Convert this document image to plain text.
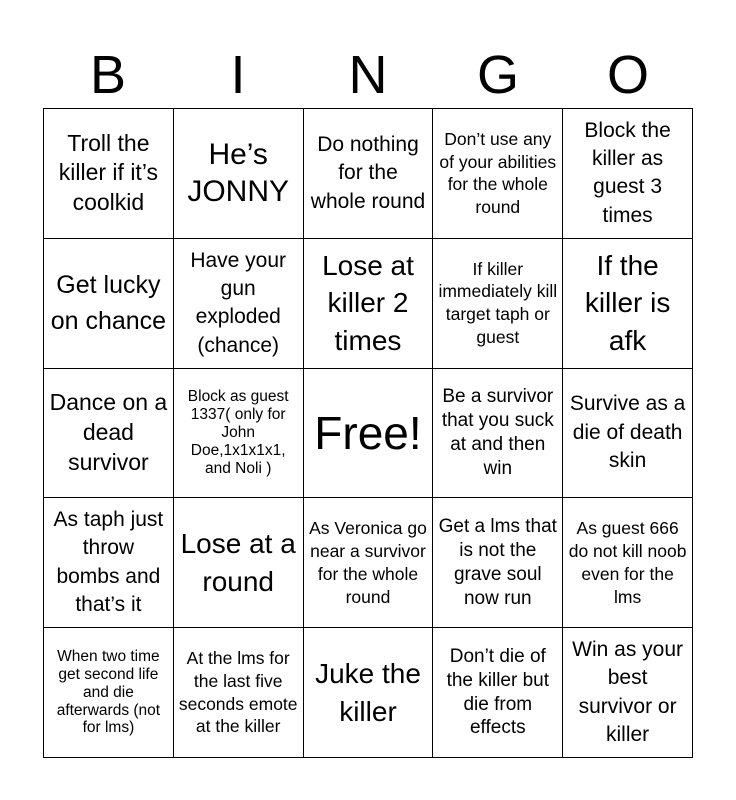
B	I	N	G	O
Troll the killer if it’s coolkid
He’s JONNY
Do nothing for the whole round
Don’t use any of your abilities for the whole round
Block the killer as guest 3 times
Get lucky on chance
Have your gun exploded (chance)
Lose at killer 2 times
If killer immediately kill target taph or guest
If the killer is afk
Dance on a dead survivor
Block as guest 1337( only for John Doe,1x1x1x1, and Noli )
Free!
Be a survivor that you suck at and then win
Survive as a die of death skin
As taph just throw bombs and that’s it
Lose at a round
As Veronica go near a survivor for the whole round
Get a lms that is not the grave soul now run
As guest 666 do not kill noob even for the lms
When two time get second life and die afterwards (not for lms)
At the lms for the last five seconds emote at the killer
Juke the killer
Don’t die of the killer but die from effects
Win as your best survivor or killer
